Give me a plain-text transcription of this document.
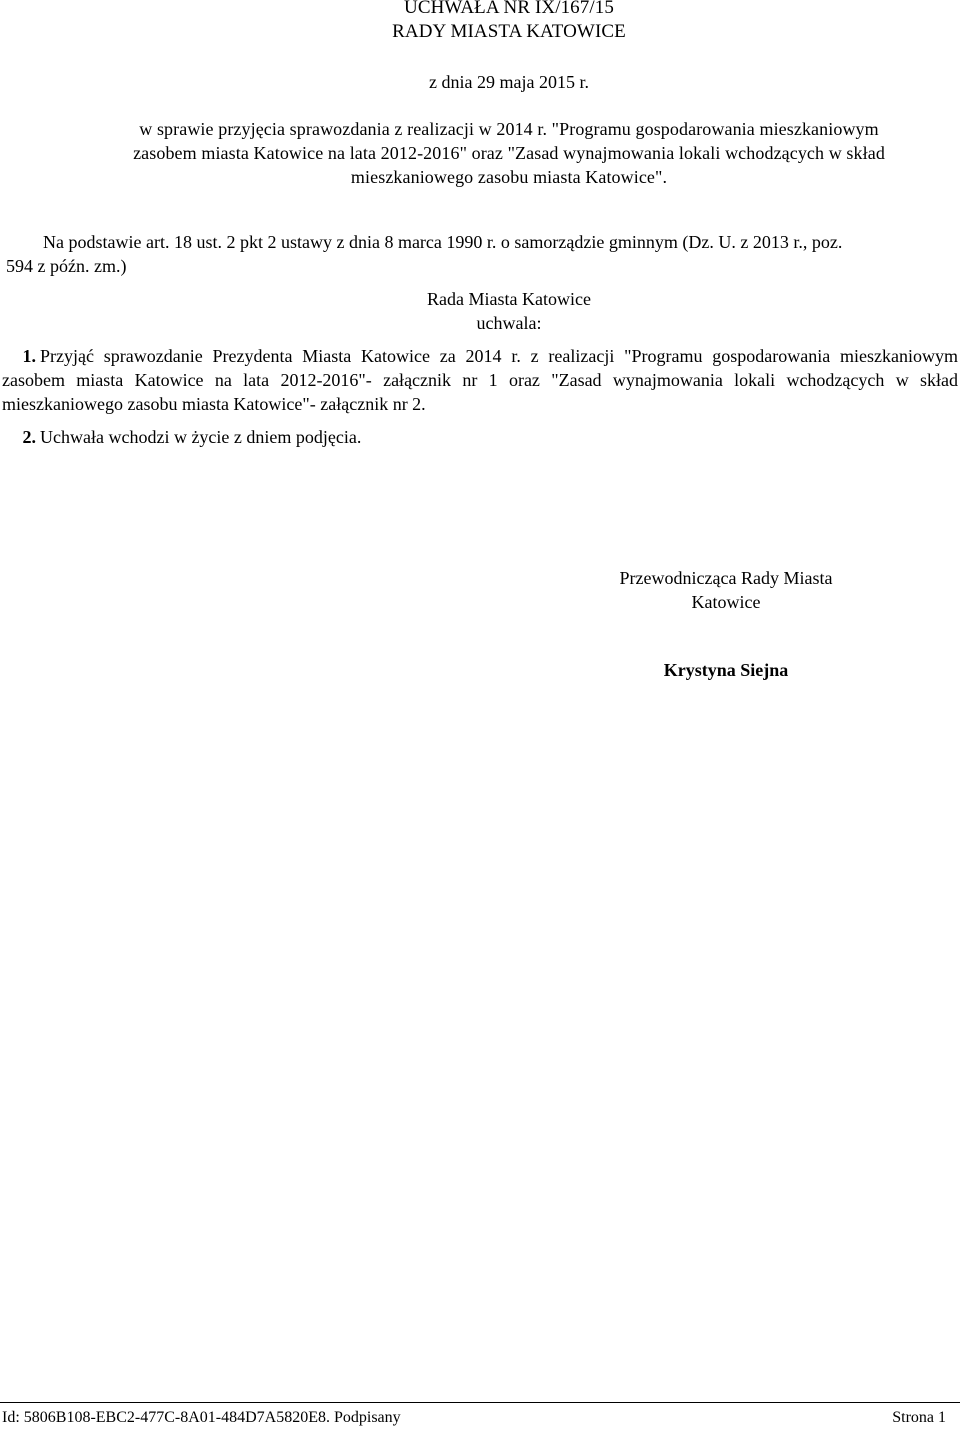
UCHWAŁA NR IX/167/15
RADY MIASTA KATOWICE
z dnia 29 maja 2015 r.
w sprawie przyjęcia sprawozdania z realizacji w 2014 r. "Programu gospodarowania mieszkaniowym
zasobem miasta Katowice na lata 2012-2016" oraz "Zasad wynajmowania lokali wchodzących w skład
mieszkaniowego zasobu miasta Katowice".
Na podstawie art. 18 ust. 2 pkt 2 ustawy z dnia 8 marca 1990 r. o samorządzie gminnym (Dz. U. z 2013 r., poz.
594 z późn. zm.)
Rada Miasta Katowice
uchwala:
1. Przyjąć sprawozdanie Prezydenta Miasta Katowice za 2014 r. z realizacji "Programu gospodarowania mieszkaniowym zasobem miasta Katowice na lata 2012-2016"- załącznik nr 1 oraz "Zasad wynajmowania lokali wchodzących w skład mieszkaniowego zasobu miasta Katowice"- załącznik nr 2.
2. Uchwała wchodzi w życie z dniem podjęcia.
Przewodnicząca Rady Miasta
Katowice
Krystyna Siejna
Id: 5806B108-EBC2-477C-8A01-484D7A5820E8. Podpisany	Strona 1
